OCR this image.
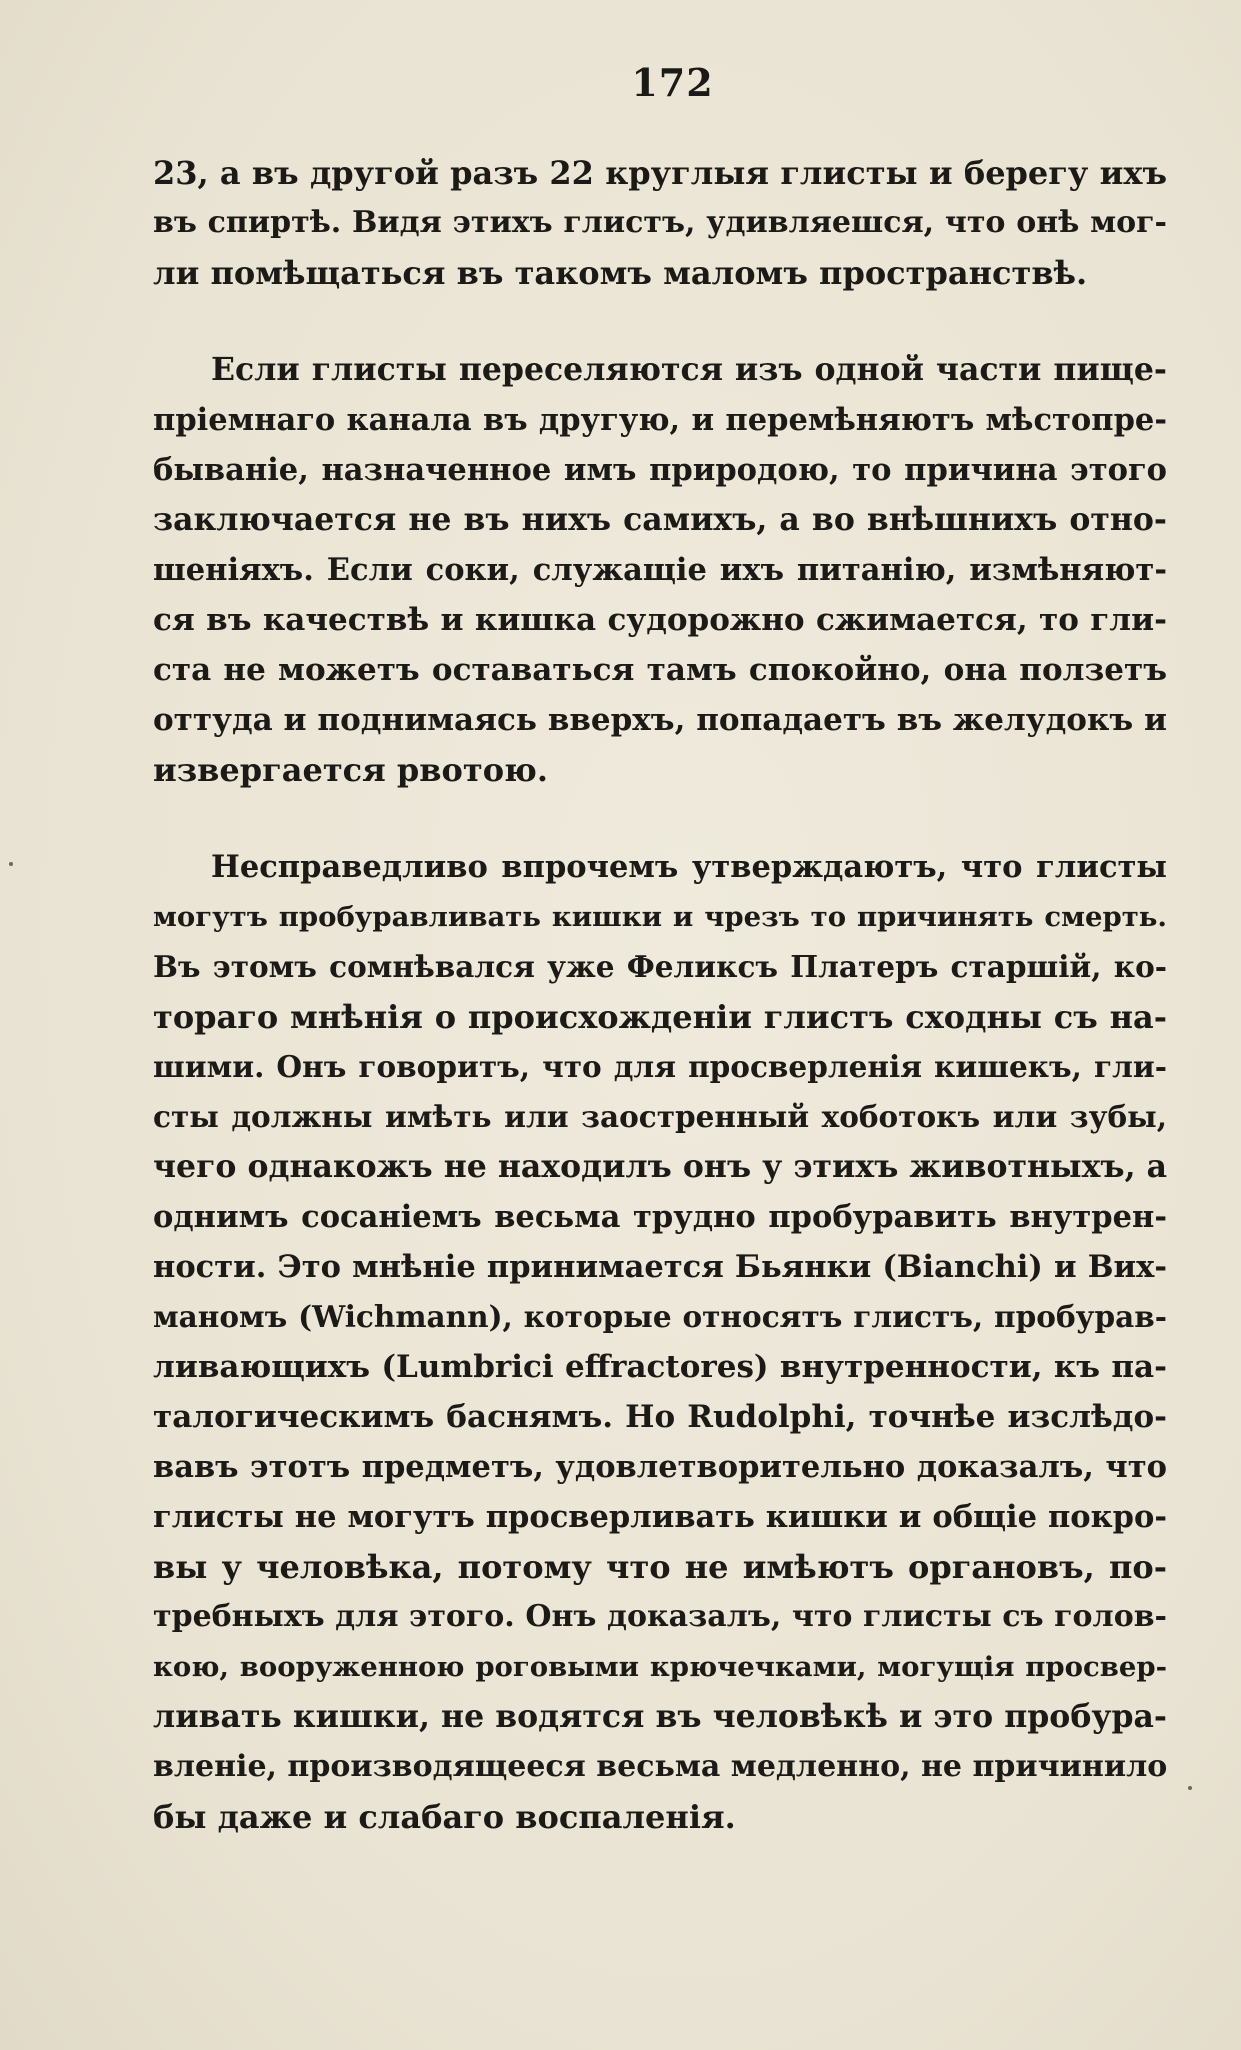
172
23, а въ другой разъ 22 круглыя глисты и берегу ихъ
въ спиртѣ. Видя этихъ глистъ, удивляешся, что онѣ мог-
ли помѣщаться въ такомъ маломъ пространствѣ.
Если глисты переселяются изъ одной части пище-
пріемнаго канала въ другую, и перемѣняютъ мѣстопре-
бываніе, назначенное имъ природою, то причина этого
заключается не въ нихъ самихъ, а во внѣшнихъ отно-
шеніяхъ. Если соки, служащіе ихъ питанію, измѣняют-
ся въ качествѣ и кишка судорожно сжимается, то гли-
ста не можетъ оставаться тамъ спокойно, она ползетъ
оттуда и поднимаясь вверхъ, попадаетъ въ желудокъ и
извергается рвотою.
Несправедливо впрочемъ утверждаютъ, что глисты
могутъ пробуравливать кишки и чрезъ то причинять смерть.
Въ этомъ сомнѣвался уже Феликсъ Платеръ старшій, ко-
тораго мнѣнія о происхожденіи глистъ сходны съ на-
шими. Онъ говоритъ, что для просверленія кишекъ, гли-
сты должны имѣть или заостренный хоботокъ или зубы,
чего однакожъ не находилъ онъ у этихъ животныхъ, а
однимъ сосаніемъ весьма трудно пробуравить внутрен-
ности. Это мнѣніе принимается Бьянки (Bianchi) и Вих-
маномъ (Wichmann), которые относятъ глистъ, пробурав-
ливающихъ (Lumbrici effractores) внутренности, къ па-
талогическимъ баснямъ. Но Rudolphi, точнѣе изслѣдо-
вавъ этотъ предметъ, удовлетворительно доказалъ, что
глисты не могутъ просверливать кишки и общіе покро-
вы у человѣка, потому что не имѣютъ органовъ, по-
требныхъ для этого. Онъ доказалъ, что глисты съ голов-
кою, вооруженною роговыми крючечками, могущія просвер-
ливать кишки, не водятся въ человѣкѣ и это пробура-
вленіе, производящееся весьма медленно, не причинило
бы даже и слабаго воспаленія.
